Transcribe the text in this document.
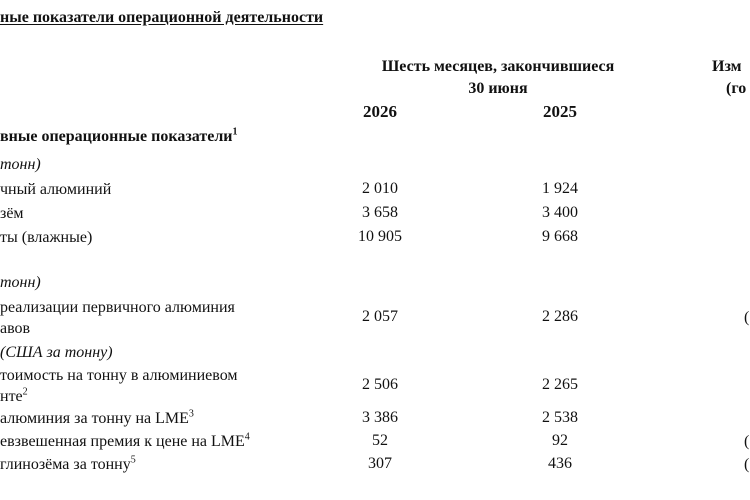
ные показатели операционной деятельности
Шесть месяцев, закончившиеся
30 июня
2026	2025
Изм
(го
вные операционные показатели$^1$
тонн)
чный алюминий	2 010	1 924
зём	3 658	3 400
ты (влажные)	10 905	9 668
тонн)
реализации первичного алюминия
авов
2 057	2 286	(
(США за тонну)
тоимость на тонну в алюминиевом
нте$^2$	2 506	2 265
алюминия за тонну на LME$^3$	3 386	2 538
евзвешенная премия к цене на LME$^4$	52	92	(
глинозёма за тонну$^5$	307	436	(
